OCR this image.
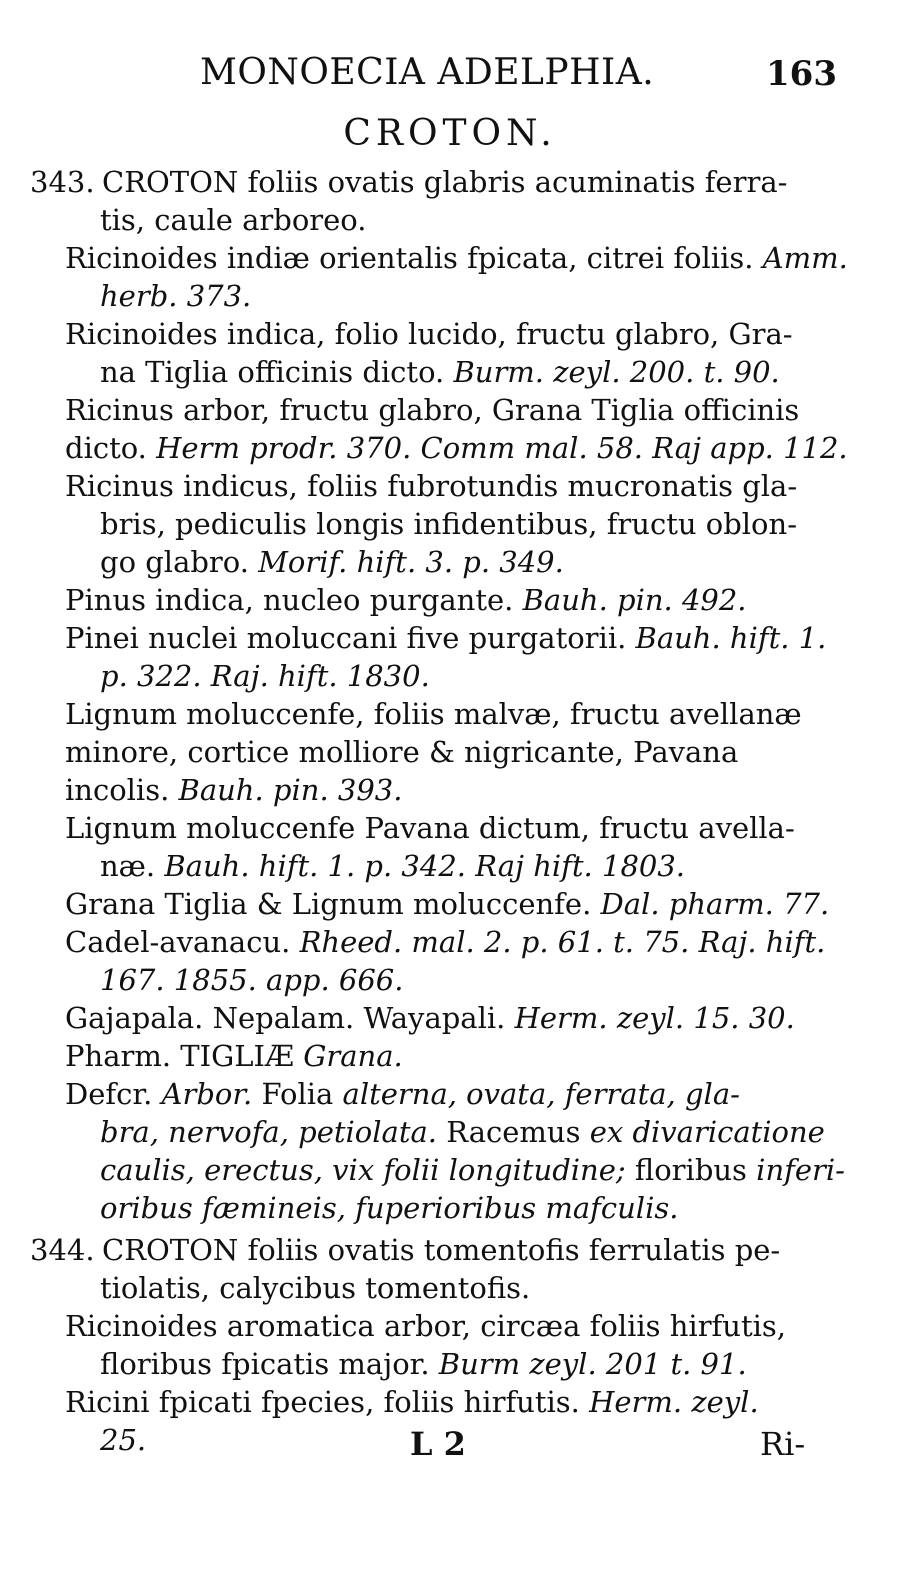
MONOECIA ADELPHIA.	163
CROTON.
343. CROTON foliis ovatis glabris acuminatis ferra-
tis, caule arboreo.
Ricinoides indiæ orientalis fpicata, citrei foliis. Amm.
herb. 373.
Ricinoides indica, folio lucido, fructu glabro, Gra-
na Tiglia officinis dicto. Burm. zeyl. 200. t. 90.
Ricinus arbor, fructu glabro, Grana Tiglia officinis
dicto. Herm prodr. 370. Comm mal. 58. Raj app. 112.
Ricinus indicus, foliis fubrotundis mucronatis gla-
bris, pediculis longis infidentibus, fructu oblon-
go glabro. Morif. hift. 3. p. 349.
Pinus indica, nucleo purgante. Bauh. pin. 492.
Pinei nuclei moluccani five purgatorii. Bauh. hift. 1.
p. 322. Raj. hift. 1830.
Lignum moluccenfe, foliis malvæ, fructu avellanæ
minore, cortice molliore & nigricante, Pavana
incolis. Bauh. pin. 393.
Lignum moluccenfe Pavana dictum, fructu avella-
næ. Bauh. hift. 1. p. 342. Raj hift. 1803.
Grana Tiglia & Lignum moluccenfe. Dal. pharm. 77.
Cadel-avanacu. Rheed. mal. 2. p. 61. t. 75. Raj. hift.
167. 1855. app. 666.
Gajapala. Nepalam. Wayapali. Herm. zeyl. 15. 30.
Pharm. TIGLIÆ Grana.
Defcr. Arbor. Folia alterna, ovata, ferrata, gla-
bra, nervofa, petiolata. Racemus ex divaricatione
caulis, erectus, vix folii longitudine; floribus inferi-
oribus fæmineis, fuperioribus mafculis.
344. CROTON foliis ovatis tomentofis ferrulatis pe-
tiolatis, calycibus tomentofis.
Ricinoides aromatica arbor, circæa foliis hirfutis,
floribus fpicatis major. Burm zeyl. 201 t. 91.
Ricini fpicati fpecies, foliis hirfutis. Herm. zeyl.
25.	L 2	Ri-
